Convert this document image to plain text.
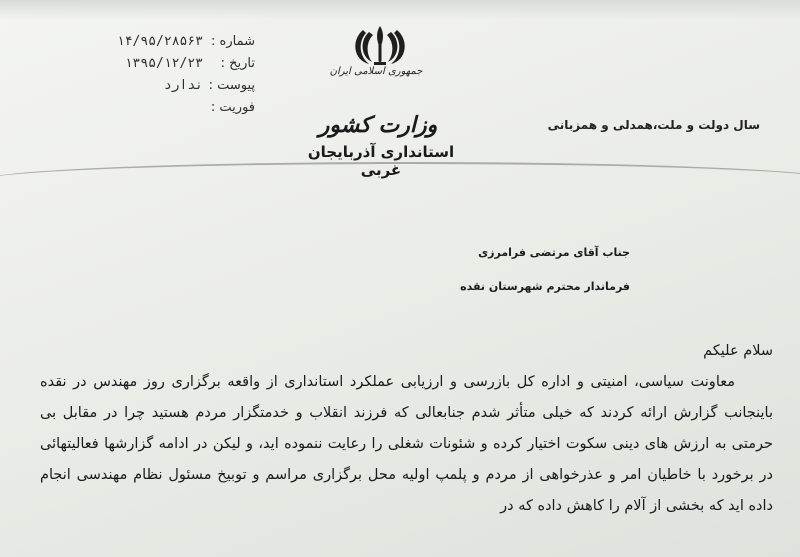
شماره :
۱۴/۹۵/۲۸۵۶۳
تاریخ :
۱۳۹۵/۱۲/۲۳
پیوست :
ندارد
فوریت :
جمهوری اسلامی ایران
وزارت کشور
استانداری آذربایجان غربی
سال دولت و ملت،همدلی و همزبانی
جناب آقای مرتضی فرامرزی
فرماندار محترم شهرستان نقده

سلام علیکم

معاونت سیاسی، امنیتی و اداره کل بازرسی و ارزیابی عملکرد استانداری از واقعه برگزاری روز مهندس در نقده باینجانب گزارش ارائه کردند که خیلی متأثر شدم جنابعالی که فرزند انقلاب و خدمتگزار مردم هستید چرا در مقابل بی حرمتی به ارزش های دینی سکوت اختیار کرده و شئونات شغلی را رعایت ننموده اید، و لیکن در ادامه گزارشها فعالیتهائی در برخورد با خاطیان امر و عذرخواهی از مردم و پلمپ اولیه محل برگزاری مراسم و توبیخ مسئول نظام مهندسی انجام داده اید که بخشی از آلام را کاهش داده که در
